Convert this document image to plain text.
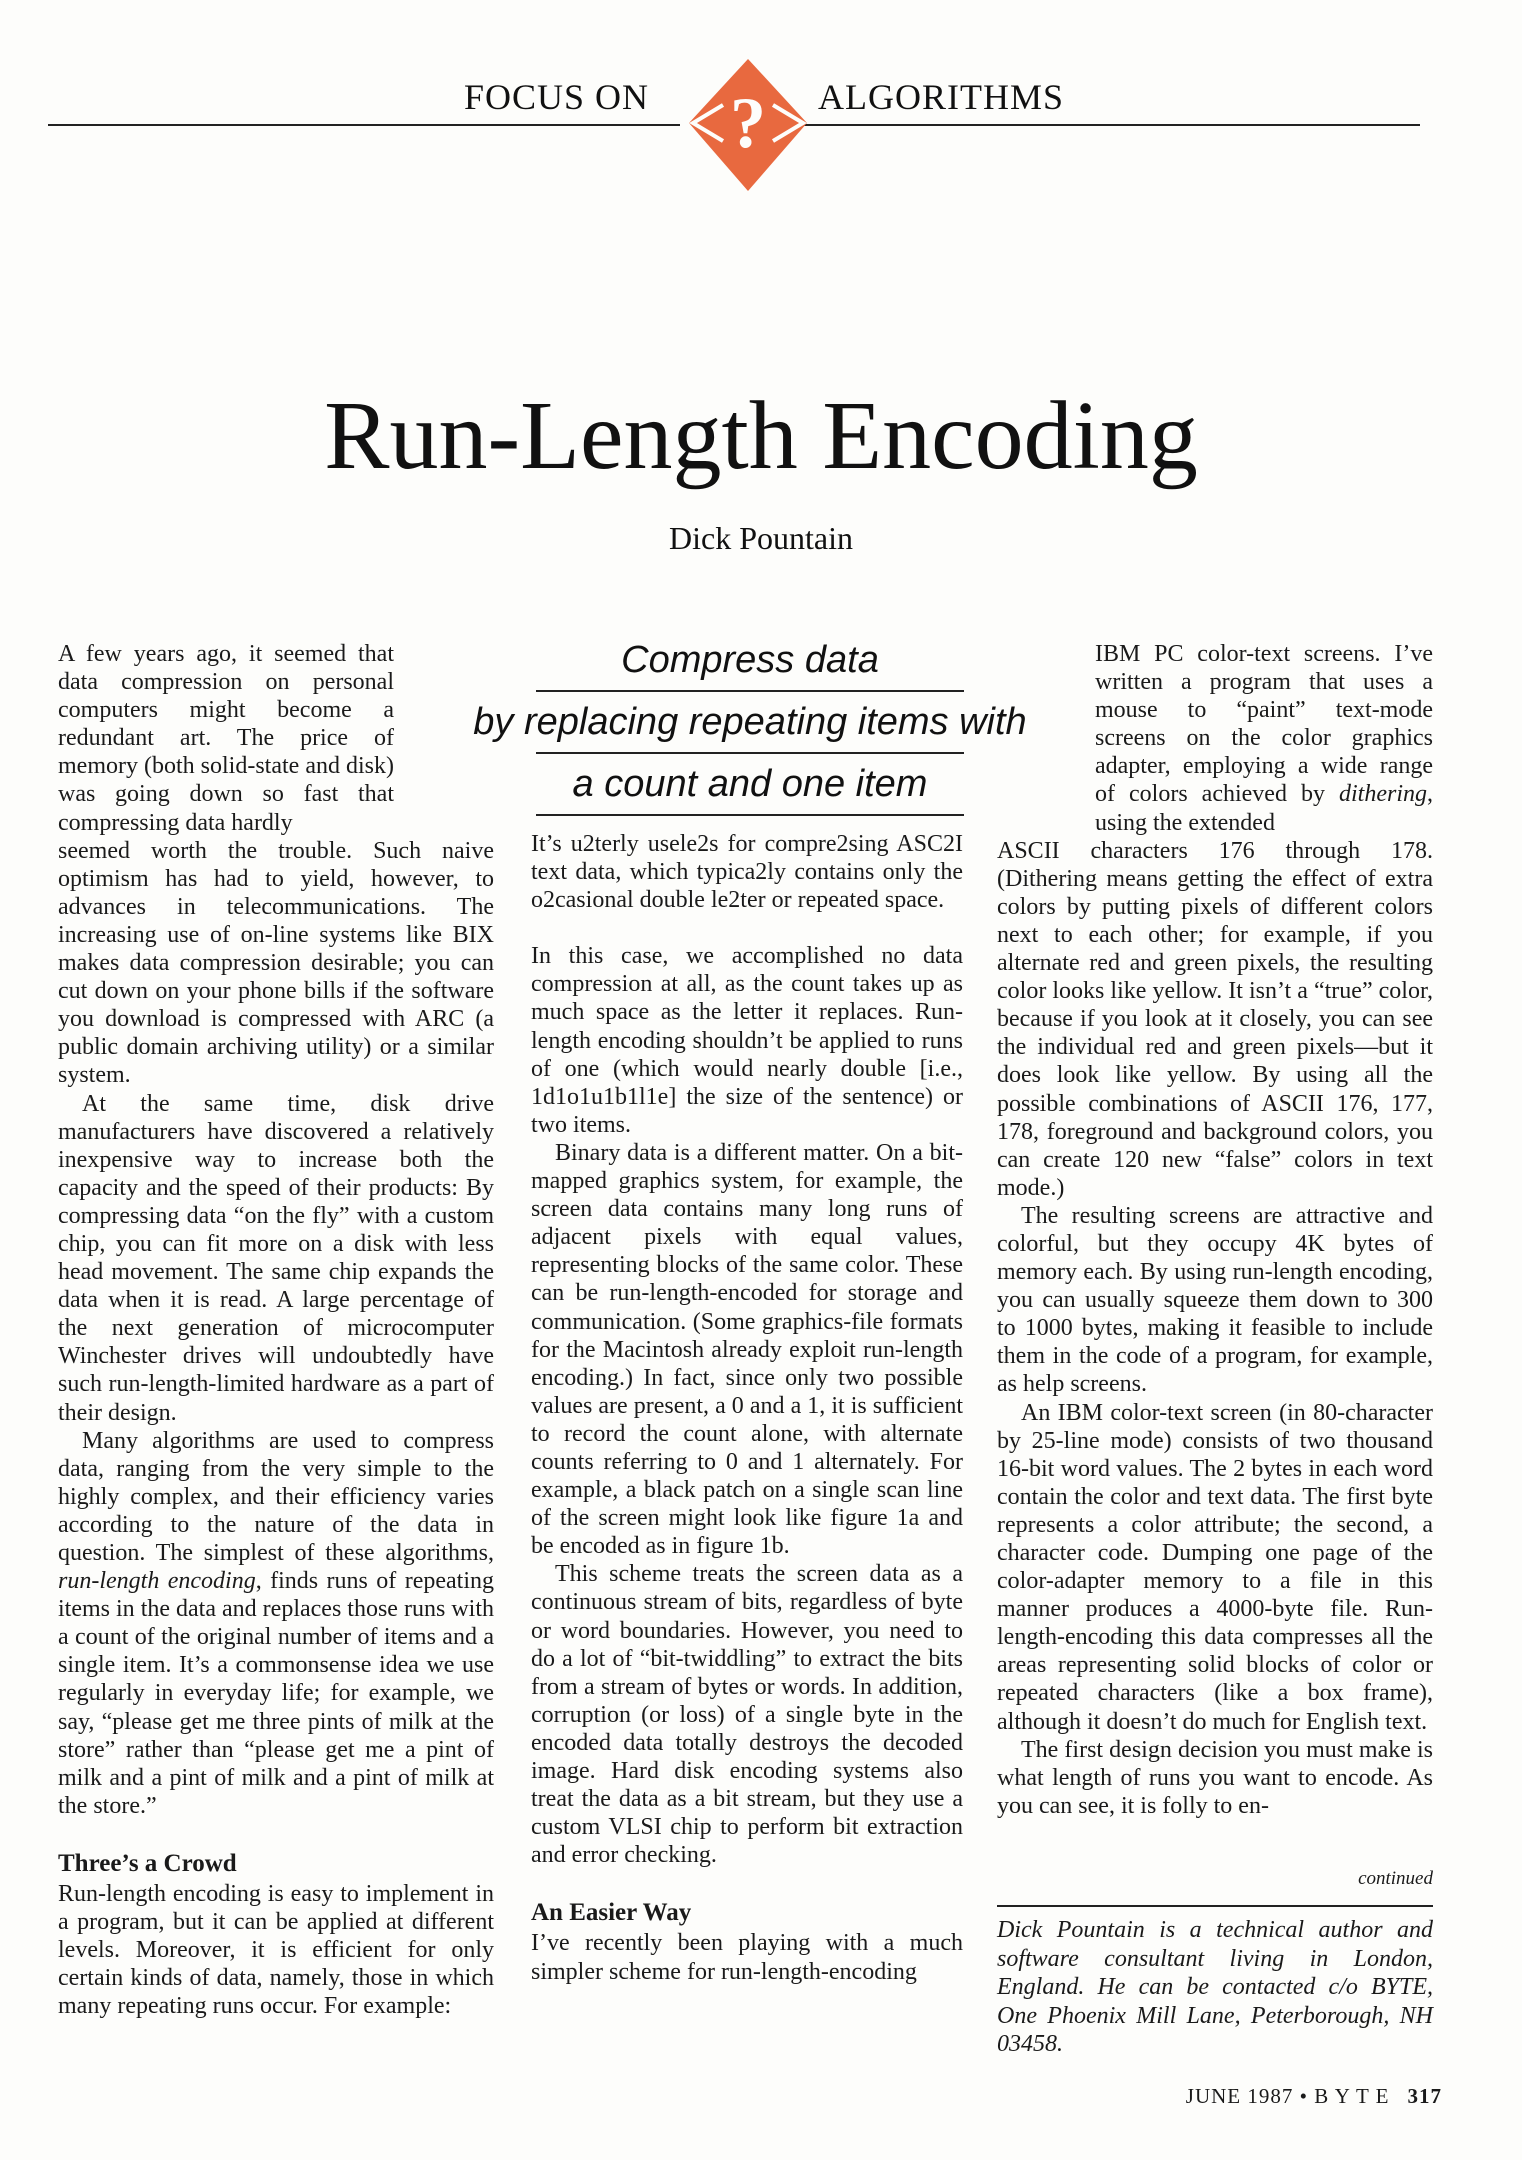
FOCUS ON	ALGORITHMS
?
Run-Length Encoding
Dick Pountain
Compress data
by replacing repeating items with
a count and one item

A few years ago, it seemed that data compression on personal computers might become a redundant art. The price of memory (both solid-state and disk) was going down so fast that compressing data hardly

seemed worth the trouble. Such naive optimism has had to yield, however, to advances in telecommunications. The increasing use of on-line systems like BIX makes data compression desirable; you can cut down on your phone bills if the software you download is compressed with ARC (a public domain archiving utility) or a similar system.

At the same time, disk drive manufacturers have discovered a relatively inexpensive way to increase both the capacity and the speed of their products: By compressing data “on the fly” with a custom chip, you can fit more on a disk with less head movement. The same chip expands the data when it is read. A large percentage of the next generation of microcomputer Winchester drives will undoubtedly have such run-length-limited hardware as a part of their design.

Many algorithms are used to compress data, ranging from the very simple to the highly complex, and their efficiency varies according to the nature of the data in question. The simplest of these algorithms, run-length encoding, finds runs of repeating items in the data and replaces those runs with a count of the original number of items and a single item. It’s a commonsense idea we use regularly in everyday life; for example, we say, “please get me three pints of milk at the store” rather than “please get me a pint of milk and a pint of milk and a pint of milk at the store.”

Three’s a Crowd

Run-length encoding is easy to implement in a program, but it can be applied at different levels. Moreover, it is efficient for only certain kinds of data, namely, those in which many repeating runs occur. For example:

It’s u2terly usele2s for compre2sing ASC2I text data, which typica2ly contains only the o2casional double le2ter or repeated space.

In this case, we accomplished no data compression at all, as the count takes up as much space as the letter it replaces. Run-length encoding shouldn’t be applied to runs of one (which would nearly double [i.e., 1d1o1u1b1l1e] the size of the sentence) or two items.

Binary data is a different matter. On a bit-mapped graphics system, for example, the screen data contains many long runs of adjacent pixels with equal values, representing blocks of the same color. These can be run-length-encoded for storage and communication. (Some graphics-file formats for the Macintosh already exploit run-length encoding.) In fact, since only two possible values are present, a 0 and a 1, it is sufficient to record the count alone, with alternate counts referring to 0 and 1 alternately. For example, a black patch on a single scan line of the screen might look like figure 1a and be encoded as in figure 1b.

This scheme treats the screen data as a continuous stream of bits, regardless of byte or word boundaries. However, you need to do a lot of “bit-twiddling” to extract the bits from a stream of bytes or words. In addition, corruption (or loss) of a single byte in the encoded data totally destroys the decoded image. Hard disk encoding systems also treat the data as a bit stream, but they use a custom VLSI chip to perform bit extraction and error checking.

An Easier Way

I’ve recently been playing with a much simpler scheme for run-length-encoding

IBM PC color-text screens. I’ve written a program that uses a mouse to “paint” text-mode screens on the color graphics adapter, employing a wide range of colors achieved by dithering, using the extended

ASCII characters 176 through 178. (Dithering means getting the effect of extra colors by putting pixels of different colors next to each other; for example, if you alternate red and green pixels, the resulting color looks like yellow. It isn’t a “true” color, because if you look at it closely, you can see the individual red and green pixels—but it does look like yellow. By using all the possible combinations of ASCII 176, 177, 178, foreground and background colors, you can create 120 new “false” colors in text mode.)

The resulting screens are attractive and colorful, but they occupy 4K bytes of memory each. By using run-length encoding, you can usually squeeze them down to 300 to 1000 bytes, making it feasible to include them in the code of a program, for example, as help screens.

An IBM color-text screen (in 80-character by 25-line mode) consists of two thousand 16-bit word values. The 2 bytes in each word contain the color and text data. The first byte represents a color attribute; the second, a character code. Dumping one page of the color-adapter memory to a file in this manner produces a 4000-byte file. Run-length-encoding this data compresses all the areas representing solid blocks of color or repeated characters (like a box frame), although it doesn’t do much for English text.

The first design decision you must make is what length of runs you want to encode. As you can see, it is folly to en-

continued
Dick Pountain is a technical author and software consultant living in London, England. He can be contacted c/o BYTE, One Phoenix Mill Lane, Peterborough, NH 03458.
JUNE 1987 • B Y T E 317
